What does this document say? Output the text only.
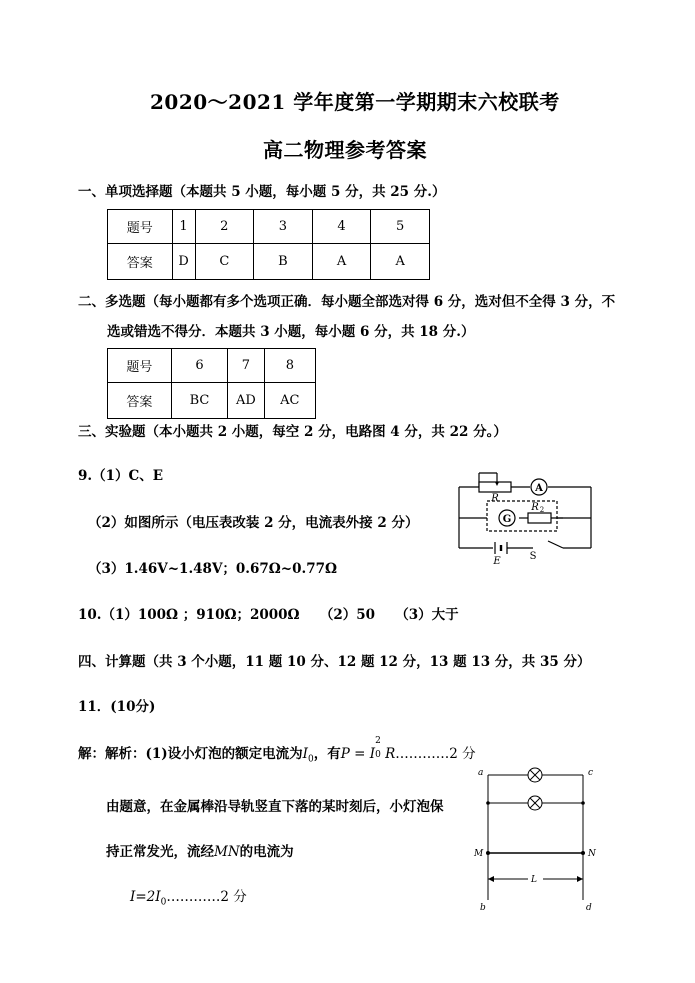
2020～2021 学年度第一学期期末六校联考
高二物理参考答案
一、单项选择题（本题共 5 小题，每小题 5 分，共 25 分.）
题号	1	2	3	4	5
答案	D	C	B	A	A
二、多选题（每小题都有多个选项正确．每小题全部选对得 6 分，选对但不全得 3 分，不
选或错选不得分．本题共 3 小题，每小题 6 分，共 18 分.）
题号	6	7	8
答案	BC	AD	AC
三、实验题（本小题共 2 小题，每空 2 分，电路图 4 分，共 22 分。）
9.（1）C、E
（2）如图所示（电压表改装 2 分，电流表外接 2 分）
（3）1.46V~1.48V；0.67Ω~0.77Ω
10.（1）100Ω ；910Ω；2000Ω　　（2）50　　（3）大于
A
R
G
R 2
E	S
四、计算题（共 3 个小题，11 题 10 分、12 题 12 分，13 题 13 分，共 35 分）
11．(10分)
解：解析：(1)设小灯泡的额定电流为$I_0$，有P = I
2
0 R…………2 分
由题意，在金属棒沿导轨竖直下落的某时刻后，小灯泡保
持正常发光，流经MN的电流为
$I=2I_0\dots\dots\dots\dots 2$ 分
a	c
M	N
L
b	d
